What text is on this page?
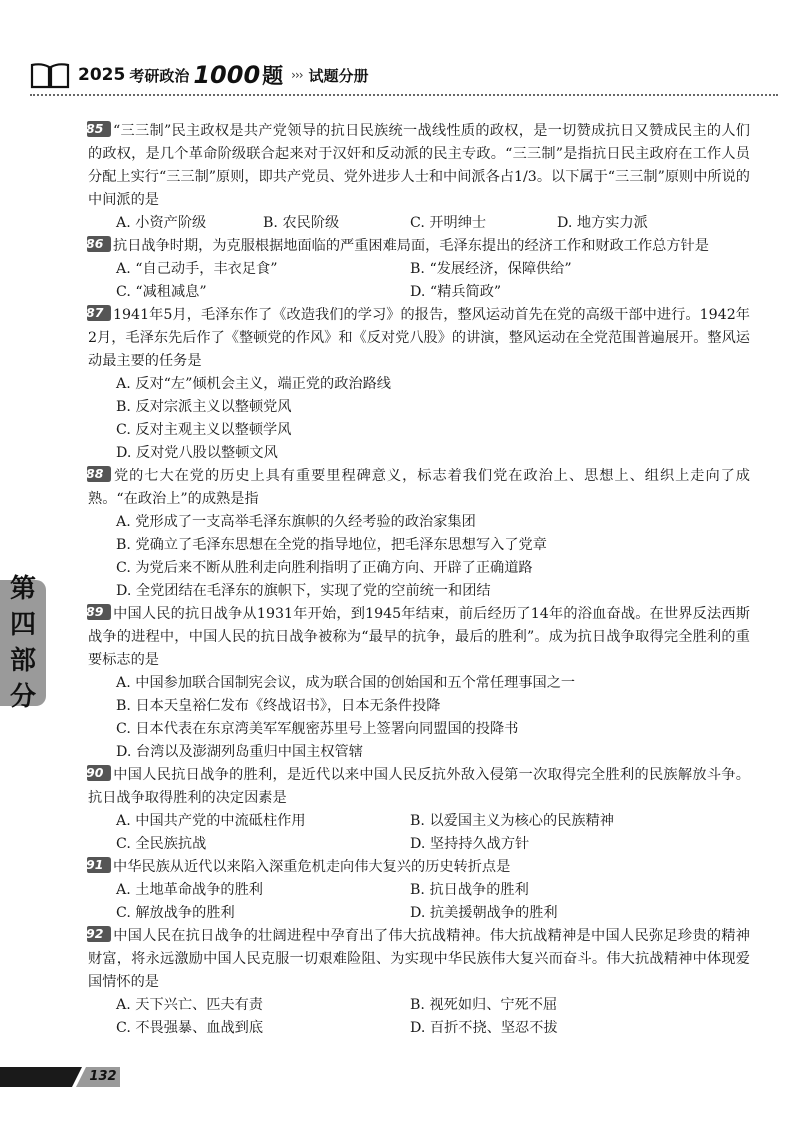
2025 考研政治 1000 题 ››› 试题分册
第
四
部
分

85 “三三制”民主政权是共产党领导的抗日民族统一战线性质的政权，是一切赞成抗日又赞成民主的人们的政权，是几个革命阶级联合起来对于汉奸和反动派的民主专政。“三三制”是指抗日民主政府在工作人员分配上实行“三三制”原则，即共产党员、党外进步人士和中间派各占1/3。以下属于“三三制”原则中所说的中间派的是

A. 小资产阶级	B. 农民阶级	C. 开明绅士	D. 地方实力派

86 抗日战争时期，为克服根据地面临的严重困难局面，毛泽东提出的经济工作和财政工作总方针是

A. “自己动手，丰衣足食”	B. “发展经济，保障供给”
C. “减租减息”	D. “精兵简政”

87 1941年5月，毛泽东作了《改造我们的学习》的报告，整风运动首先在党的高级干部中进行。1942年2月，毛泽东先后作了《整顿党的作风》和《反对党八股》的讲演，整风运动在全党范围普遍展开。整风运动最主要的任务是

A. 反对“左”倾机会主义，端正党的政治路线
B. 反对宗派主义以整顿党风
C. 反对主观主义以整顿学风
D. 反对党八股以整顿文风

88 党的七大在党的历史上具有重要里程碑意义，标志着我们党在政治上、思想上、组织上走向了成熟。“在政治上”的成熟是指

A. 党形成了一支高举毛泽东旗帜的久经考验的政治家集团
B. 党确立了毛泽东思想在全党的指导地位，把毛泽东思想写入了党章
C. 为党后来不断从胜利走向胜利指明了正确方向、开辟了正确道路
D. 全党团结在毛泽东的旗帜下，实现了党的空前统一和团结

89 中国人民的抗日战争从1931年开始，到1945年结束，前后经历了14年的浴血奋战。在世界反法西斯战争的进程中，中国人民的抗日战争被称为“最早的抗争，最后的胜利”。成为抗日战争取得完全胜利的重要标志的是

A. 中国参加联合国制宪会议，成为联合国的创始国和五个常任理事国之一
B. 日本天皇裕仁发布《终战诏书》，日本无条件投降
C. 日本代表在东京湾美军军舰密苏里号上签署向同盟国的投降书
D. 台湾以及澎湖列岛重归中国主权管辖

90 中国人民抗日战争的胜利，是近代以来中国人民反抗外敌入侵第一次取得完全胜利的民族解放斗争。抗日战争取得胜利的决定因素是

A. 中国共产党的中流砥柱作用	B. 以爱国主义为核心的民族精神
C. 全民族抗战	D. 坚持持久战方针

91 中华民族从近代以来陷入深重危机走向伟大复兴的历史转折点是

A. 土地革命战争的胜利	B. 抗日战争的胜利
C. 解放战争的胜利	D. 抗美援朝战争的胜利

92 中国人民在抗日战争的壮阔进程中孕育出了伟大抗战精神。伟大抗战精神是中国人民弥足珍贵的精神财富，将永远激励中国人民克服一切艰难险阻、为实现中华民族伟大复兴而奋斗。伟大抗战精神中体现爱国情怀的是

A. 天下兴亡、匹夫有责	B. 视死如归、宁死不屈
C. 不畏强暴、血战到底	D. 百折不挠、坚忍不拔
132
